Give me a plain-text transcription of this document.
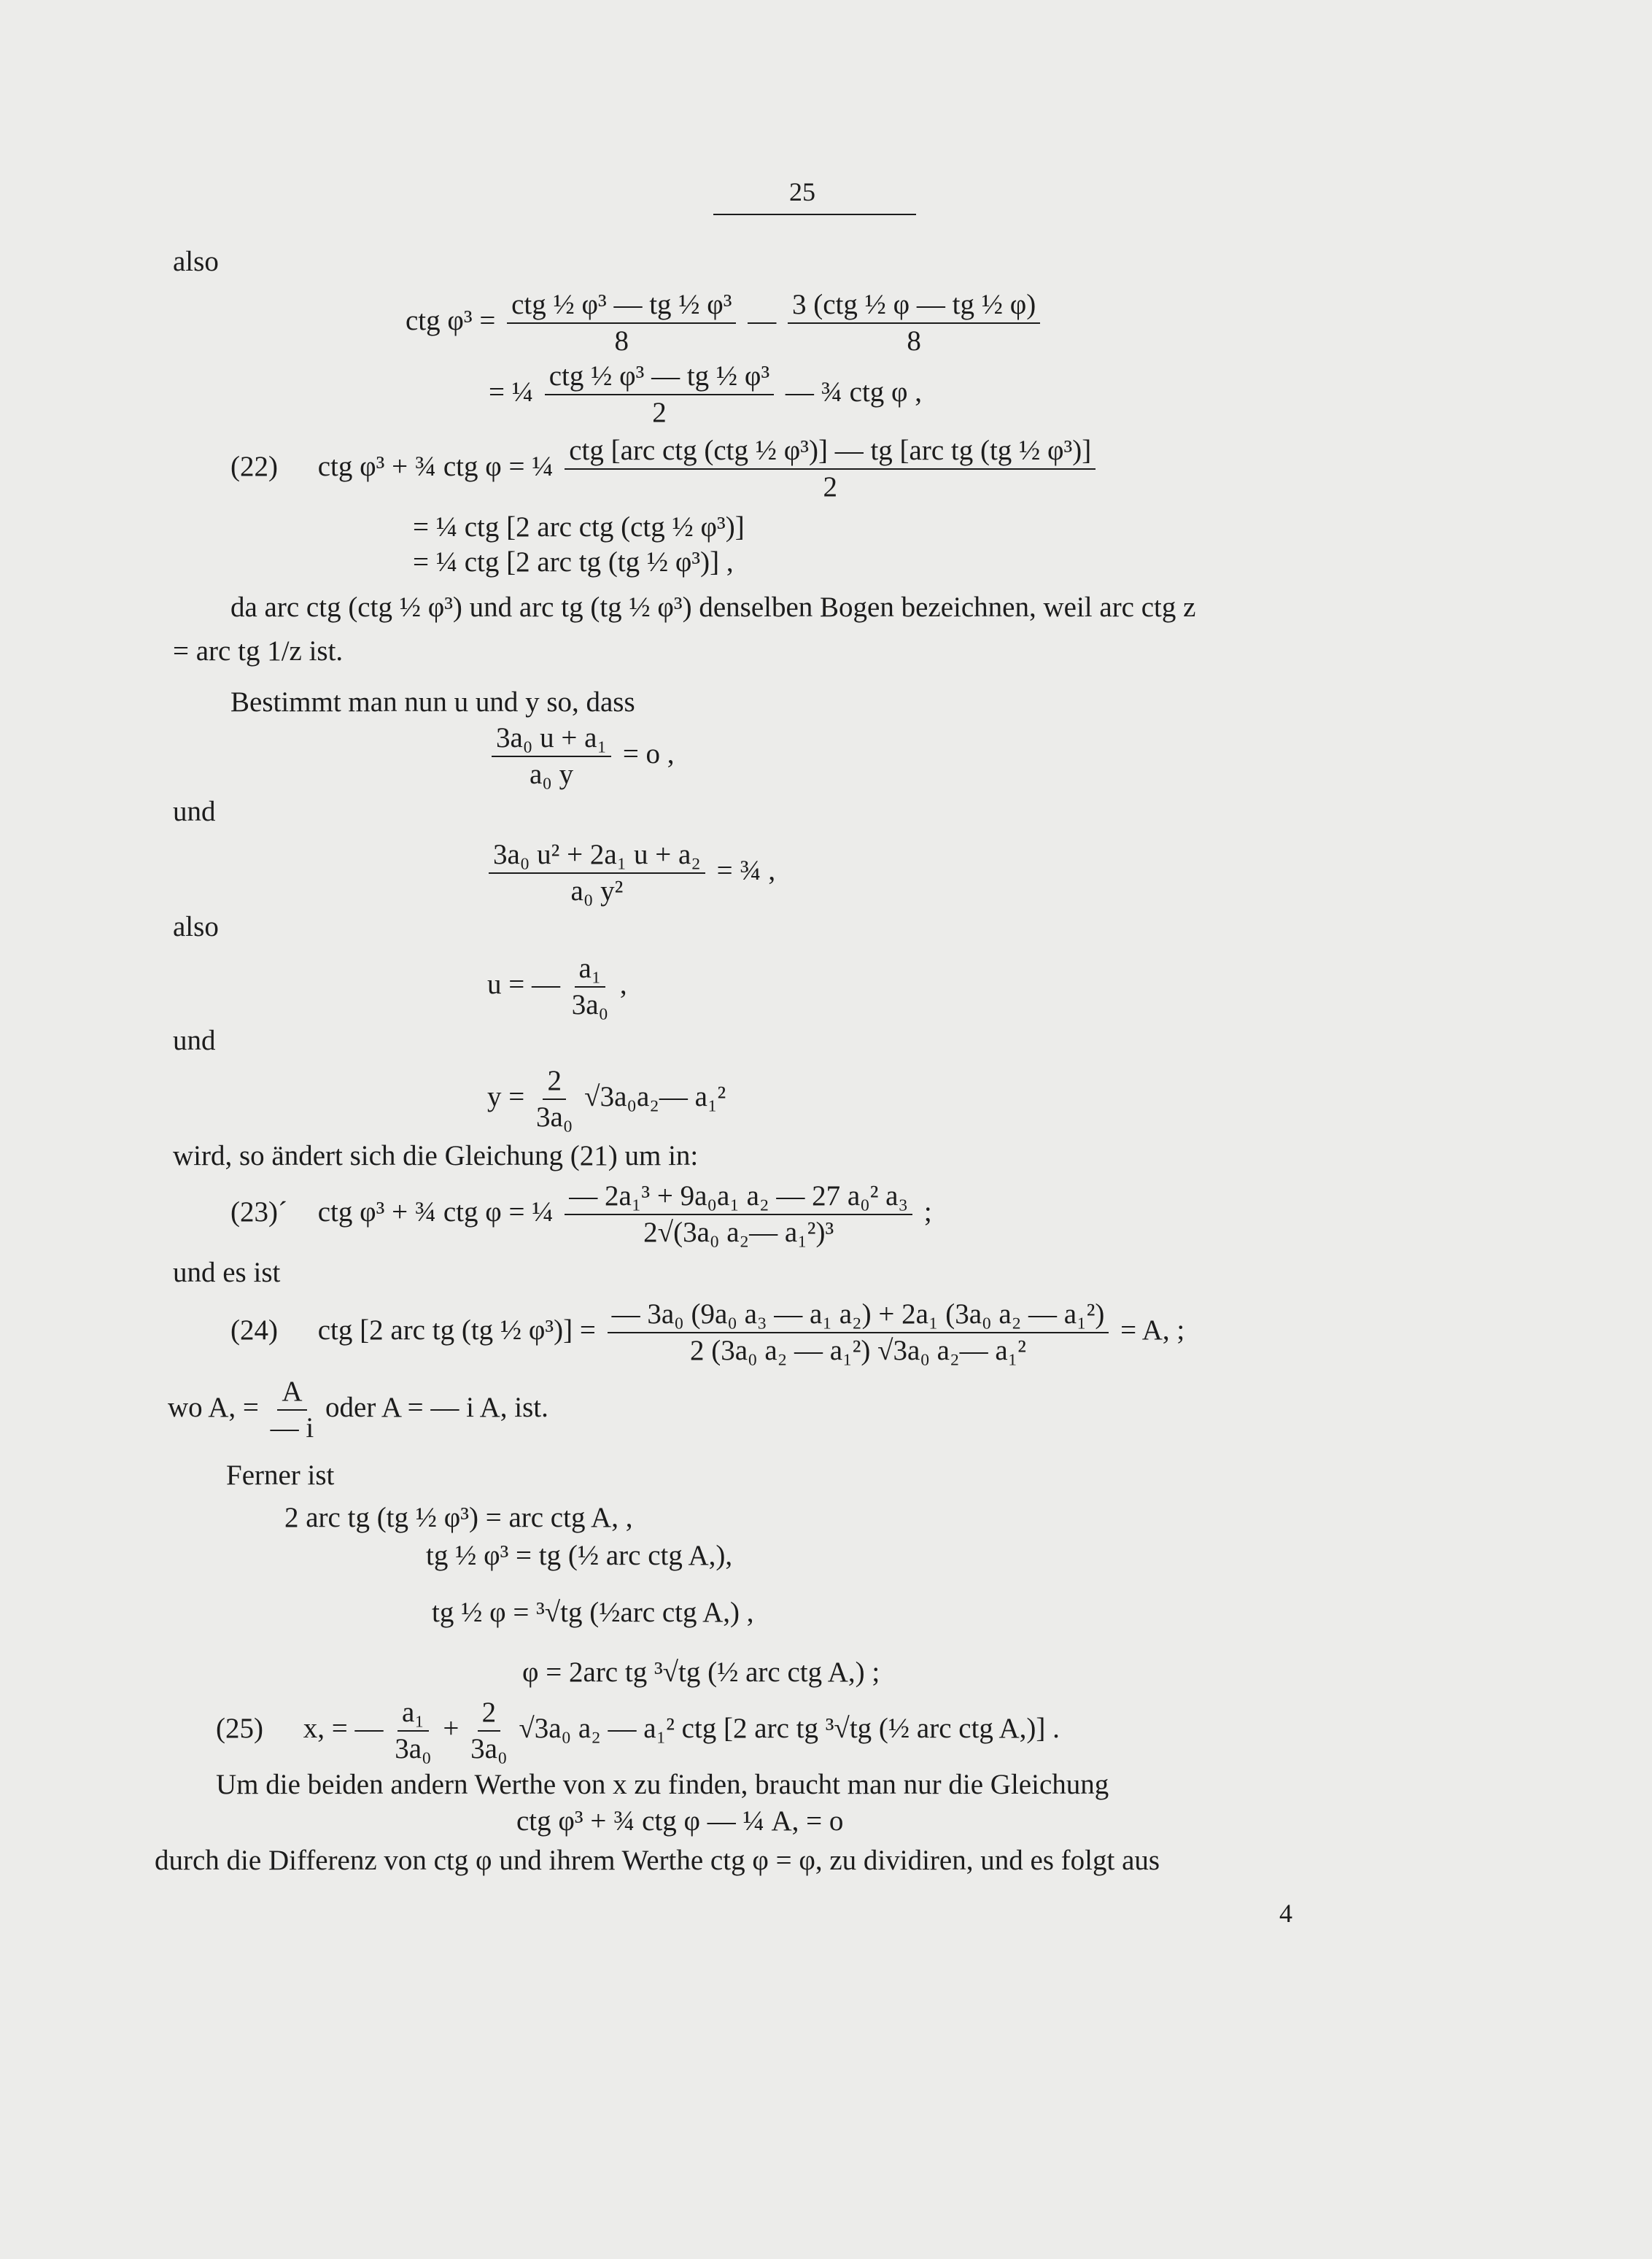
25
also
ctg $\varphi^3 = \frac{\text{ctg ½ φ³ — tg ½ φ³}}{8}$ — $\frac{\text{3 (ctg ½ φ — tg ½ φ)}}{8}$
= ¼ $\frac{\text{ctg ½ φ³ — tg ½ φ³}}{2}$ — ¾ ctg φ ,
(22) ctg φ³ + ¾ ctg φ = ¼ $\frac{\text{ctg [arc ctg (ctg ½ φ³)] — tg [arc tg (tg ½ φ³)]}}{2}$
= ¼ ctg [2 arc ctg (ctg ½ φ³)]
= ¼ ctg [2 arc tg (tg ½ φ³)] ,
da arc ctg (ctg ½ φ³) und arc tg (tg ½ φ³) denselben Bogen bezeichnen, weil arc ctg z
= arc tg 1/z ist.
Bestimmt man nun u und y so, dass
$\frac{\text{3a₀ u + a₁}}{\text{a₀ y}} = o$ ,
und
$\frac{\text{3a₀ u² + 2a₁ u + a₂}}{\text{a₀ y²}}$ = ¾ ,
also
u = — $\frac{\text{a₁}}{\text{3a₀}}$ ,
und
$y = \frac{2}{\text{3a₀}}$ √3a₀a₂— a₁²
wird, so ändert sich die Gleichung (21) um in:
(23)´ ctg φ³ + ¾ ctg φ = ¼ $\frac{\text{— 2a₁³ + 9a₀a₁ a₂ — 27 a₀² a₃}}{\text{2√(3a₀ a₂— a₁²)³}}$ ;
und es ist
(24) ctg [2 arc tg (tg ½ $\varphi^3)] = \frac{\text{— 3a₀ (9a₀ a₃ — a₁ a₂) + 2a₁ (3a₀ a₂ — a₁²)}}{\text{2 (3a₀ a₂ — a₁²) √3a₀ a₂— a₁²}} = A$, ;
wo A, = $\frac{A}{— i}$ oder A = — i A, ist.
Ferner ist
2 arc tg (tg ½ φ³) = arc ctg A, ,
tg ½ φ³ = tg (½ arc ctg A,),
tg ½ φ = ³√tg (½arc ctg A,) ,
φ = 2arc tg ³√tg (½ arc ctg A,) ;
(25) x, = — $\frac{\text{a₁}}{\text{3a₀}} + \frac{2}{\text{3a₀}} √3a_0$ a₂ — a₁² ctg [2 arc tg ³√tg (½ arc ctg A,)] .
Um die beiden andern Werthe von x zu finden, braucht man nur die Gleichung
ctg φ³ + ¾ ctg φ — ¼ A, = o
durch die Differenz von ctg φ und ihrem Werthe ctg φ = φ, zu dividiren, und es folgt aus
4
